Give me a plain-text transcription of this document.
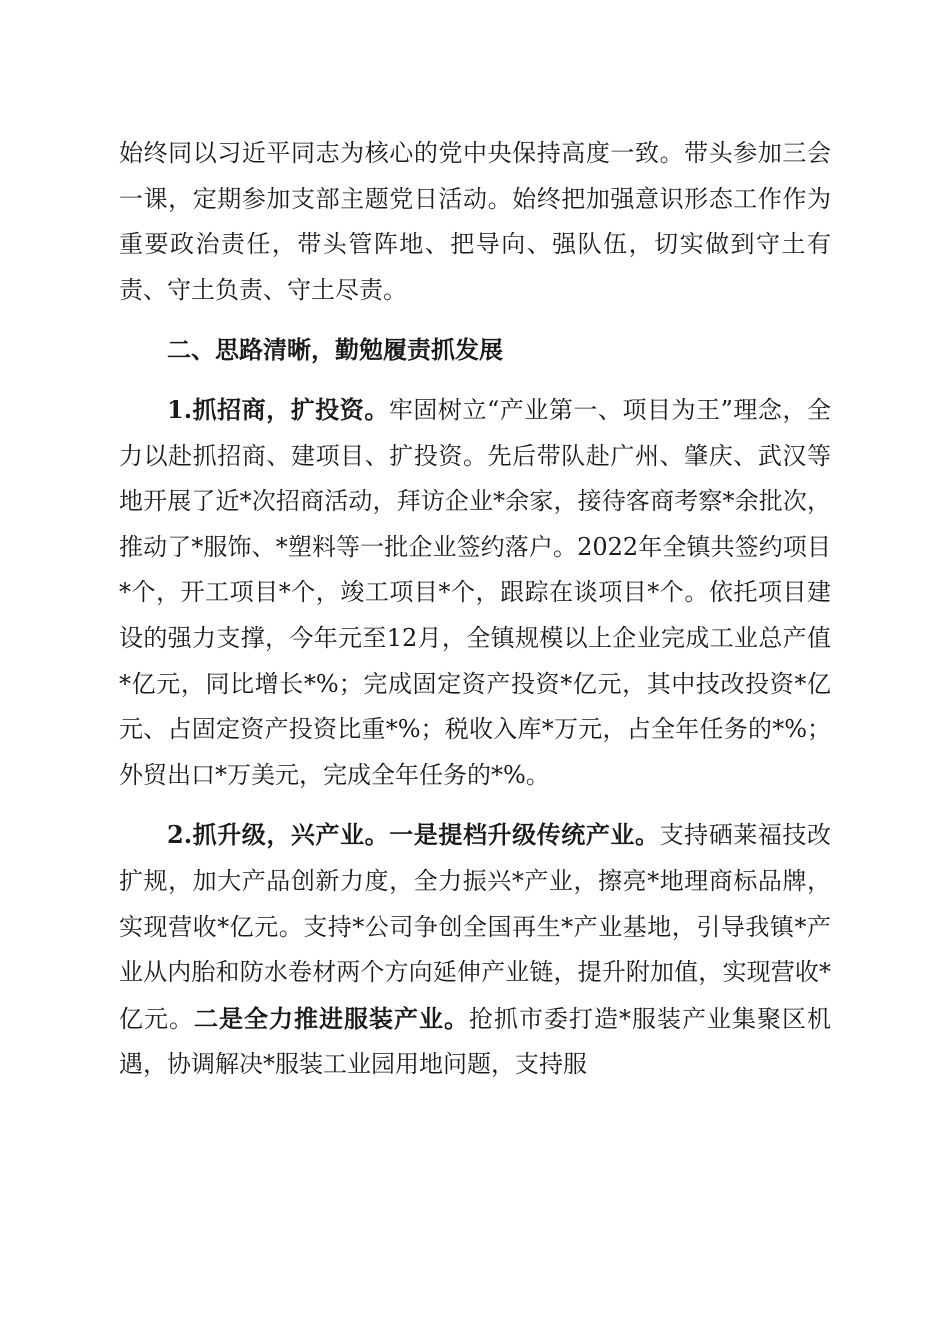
始终同以习近平同志为核心的党中央保持高度一致。带头参加三会一课，定期参加支部主题党日活动。始终把加强意识形态工作作为重要政治责任，带头管阵地、把导向、强队伍，切实做到守土有责、守土负责、守土尽责。

二、思路清晰，勤勉履责抓发展

1.抓招商，扩投资。牢固树立“产业第一、项目为王”理念，全力以赴抓招商、建项目、扩投资。先后带队赴广州、肇庆、武汉等地开展了近*次招商活动，拜访企业*余家，接待客商考察*余批次，推动了*服饰、*塑料等一批企业签约落户。2022年全镇共签约项目*个，开工项目*个，竣工项目*个，跟踪在谈项目*个。依托项目建设的强力支撑，今年元至12月，全镇规模以上企业完成工业总产值*亿元，同比增长*%；完成固定资产投资*亿元，其中技改投资*亿元、占固定资产投资比重*%；税收入库*万元，占全年任务的*%；外贸出口*万美元，完成全年任务的*%。

2.抓升级，兴产业。一是提档升级传统产业。支持硒莱福技改扩规，加大产品创新力度，全力振兴*产业，擦亮*地理商标品牌，实现营收*亿元。支持*公司争创全国再生*产业基地，引导我镇*产业从内胎和防水卷材两个方向延伸产业链，提升附加值，实现营收*亿元。二是全力推进服装产业。抢抓市委打造*服装产业集聚区机遇，协调解决*服装工业园用地问题，支持服
